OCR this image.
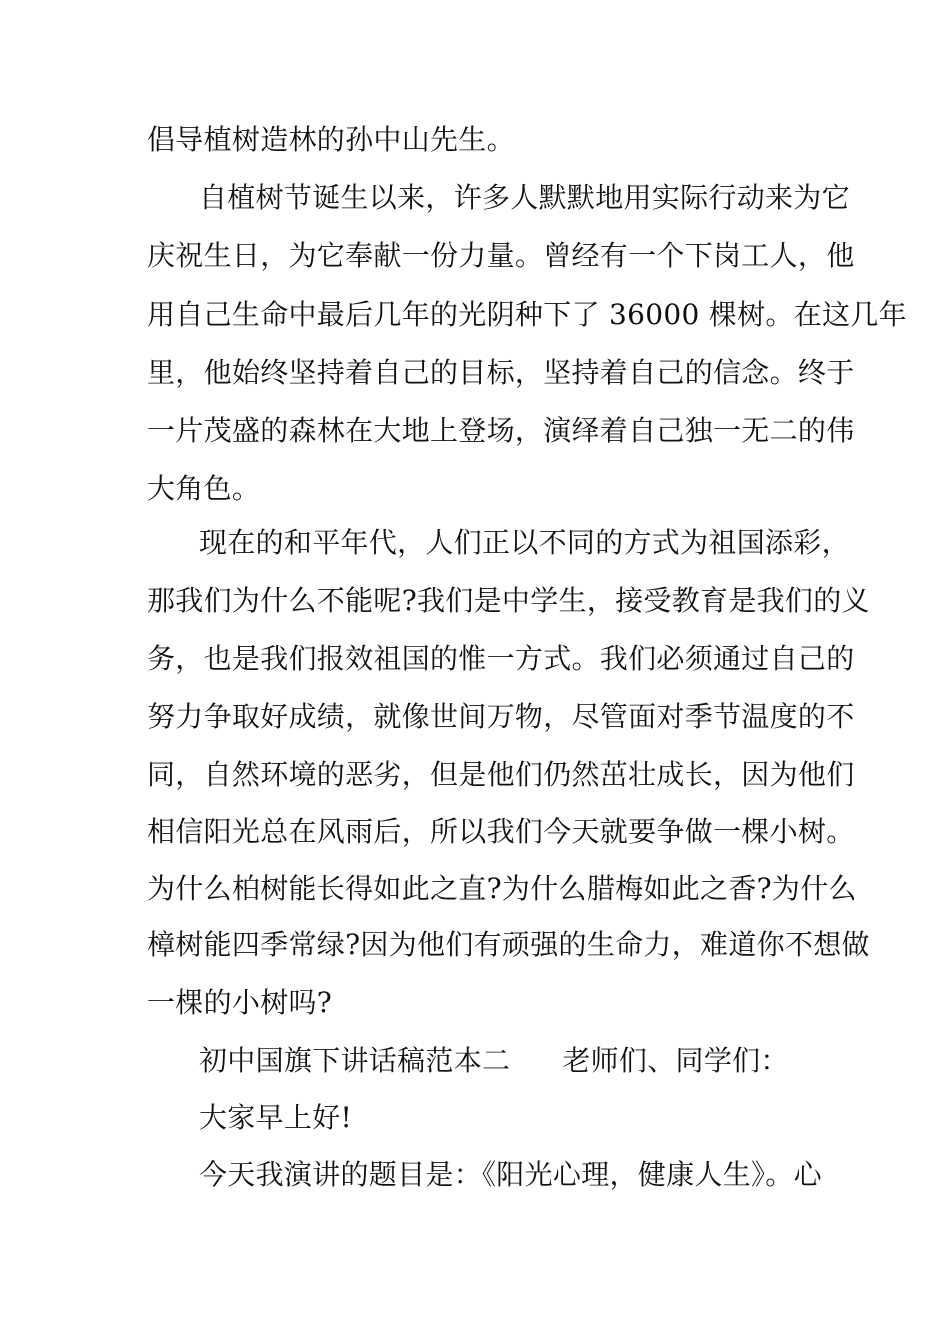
倡导植树造林的孙中山先生。
自植树节诞生以来，许多人默默地用实际行动来为它
庆祝生日，为它奉献一份力量。曾经有一个下岗工人，他
用自己生命中最后几年的光阴种下了 36000 棵树。在这几年
里，他始终坚持着自己的目标，坚持着自己的信念。终于
一片茂盛的森林在大地上登场，演绎着自己独一无二的伟
大角色。
现在的和平年代，人们正以不同的方式为祖国添彩，
那我们为什么不能呢?我们是中学生，接受教育是我们的义
务，也是我们报效祖国的惟一方式。我们必须通过自己的
努力争取好成绩，就像世间万物，尽管面对季节温度的不
同，自然环境的恶劣，但是他们仍然茁壮成长，因为他们
相信阳光总在风雨后，所以我们今天就要争做一棵小树。
为什么柏树能长得如此之直?为什么腊梅如此之香?为什么
樟树能四季常绿?因为他们有顽强的生命力，难道你不想做
一棵的小树吗?
初中国旗下讲话稿范本二 老师们、同学们：
大家早上好!
今天我演讲的题目是：《阳光心理，健康人生》。心
